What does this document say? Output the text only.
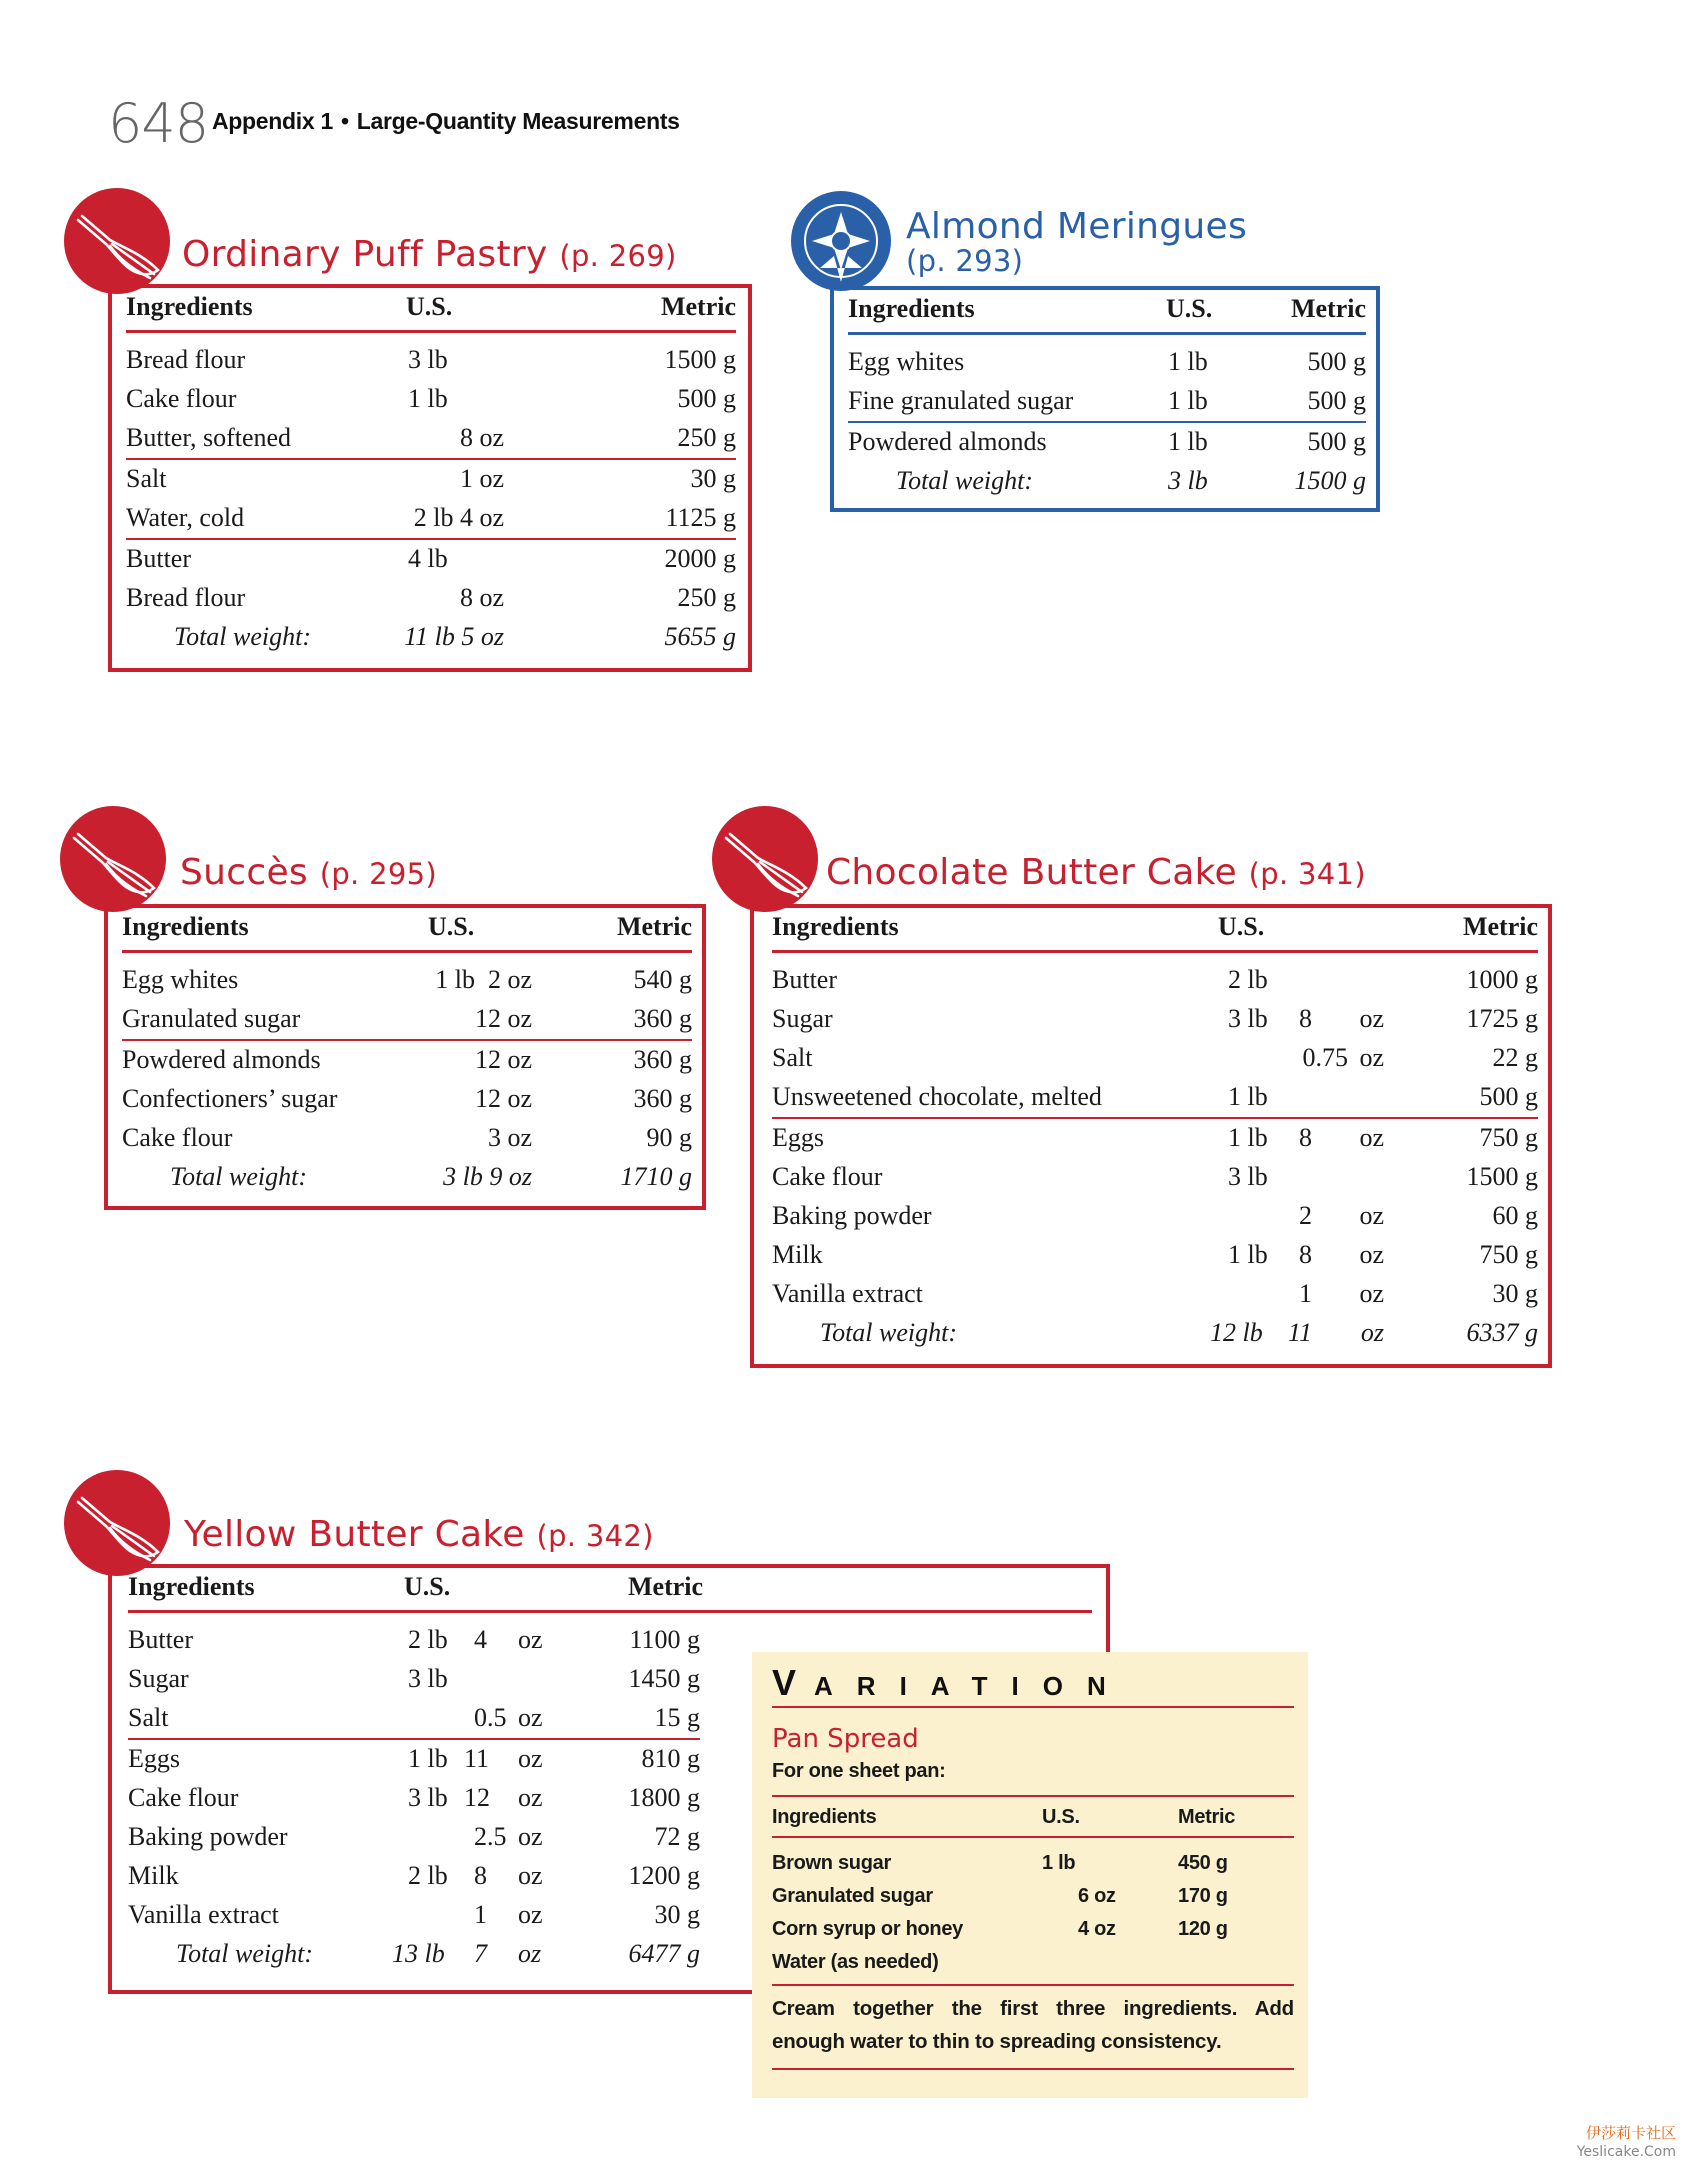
648 Appendix 1 • Large-Quantity Measurements
Ordinary Puff Pastry (p. 269)
Ingredients	U.S.	Metric
Bread flour	3 lb	1500 g
Cake flour	1 lb	500 g
Butter, softened	8 oz	250 g
Salt	1 oz	30 g
Water, cold	2 lb 4 oz	1125 g
Butter	4 lb	2000 g
Bread flour	8 oz	250 g
Total weight:	11 lb 5 oz	5655 g
Almond Meringues
(p. 293)
Ingredients	U.S.	Metric
Egg whites	1 lb	500 g
Fine granulated sugar	1 lb	500 g
Powdered almonds	1 lb	500 g
Total weight:	3 lb	1500 g
Succès (p. 295)
Ingredients	U.S.	Metric
Egg whites	1 lb  2 oz	540 g
Granulated sugar	12 oz	360 g
Powdered almonds	12 oz	360 g
Confectioners’ sugar	12 oz	360 g
Cake flour	3 oz	90 g
Total weight:	3 lb 9 oz	1710 g
Chocolate Butter Cake (p. 341)
Ingredients	U.S.	Metric
Butter	2 lb	1000 g
Sugar	3 lb 8 oz	1725 g
Salt	0.75 oz	22 g
Unsweetened chocolate, melted	1 lb	500 g
Eggs	1 lb 8 oz	750 g
Cake flour	3 lb	1500 g
Baking powder	2 oz	60 g
Milk	1 lb 8 oz	750 g
Vanilla extract	1 oz	30 g
Total weight:	12 lb 11 oz	6337 g
Yellow Butter Cake (p. 342)
Ingredients	U.S.	Metric
Butter	2 lb 4 oz	1100 g
Sugar	3 lb	1450 g
Salt	0.5 oz	15 g
Eggs	1 lb 11 oz	810 g
Cake flour	3 lb 12 oz	1800 g
Baking powder	2.5 oz	72 g
Milk	2 lb 8 oz	1200 g
Vanilla extract	1 oz	30 g
Total weight:	13 lb 7 oz	6477 g
VARIATION
Pan Spread
For one sheet pan:
Ingredients	U.S.	Metric
Brown sugar	1 lb	450 g
Granulated sugar	6 oz	170 g
Corn syrup or honey	4 oz	120 g
Water (as needed)
Cream together the first three ingredients. Add enough water to thin to spreading consistency.
伊莎莉卡社区
Yeslicake.Com
